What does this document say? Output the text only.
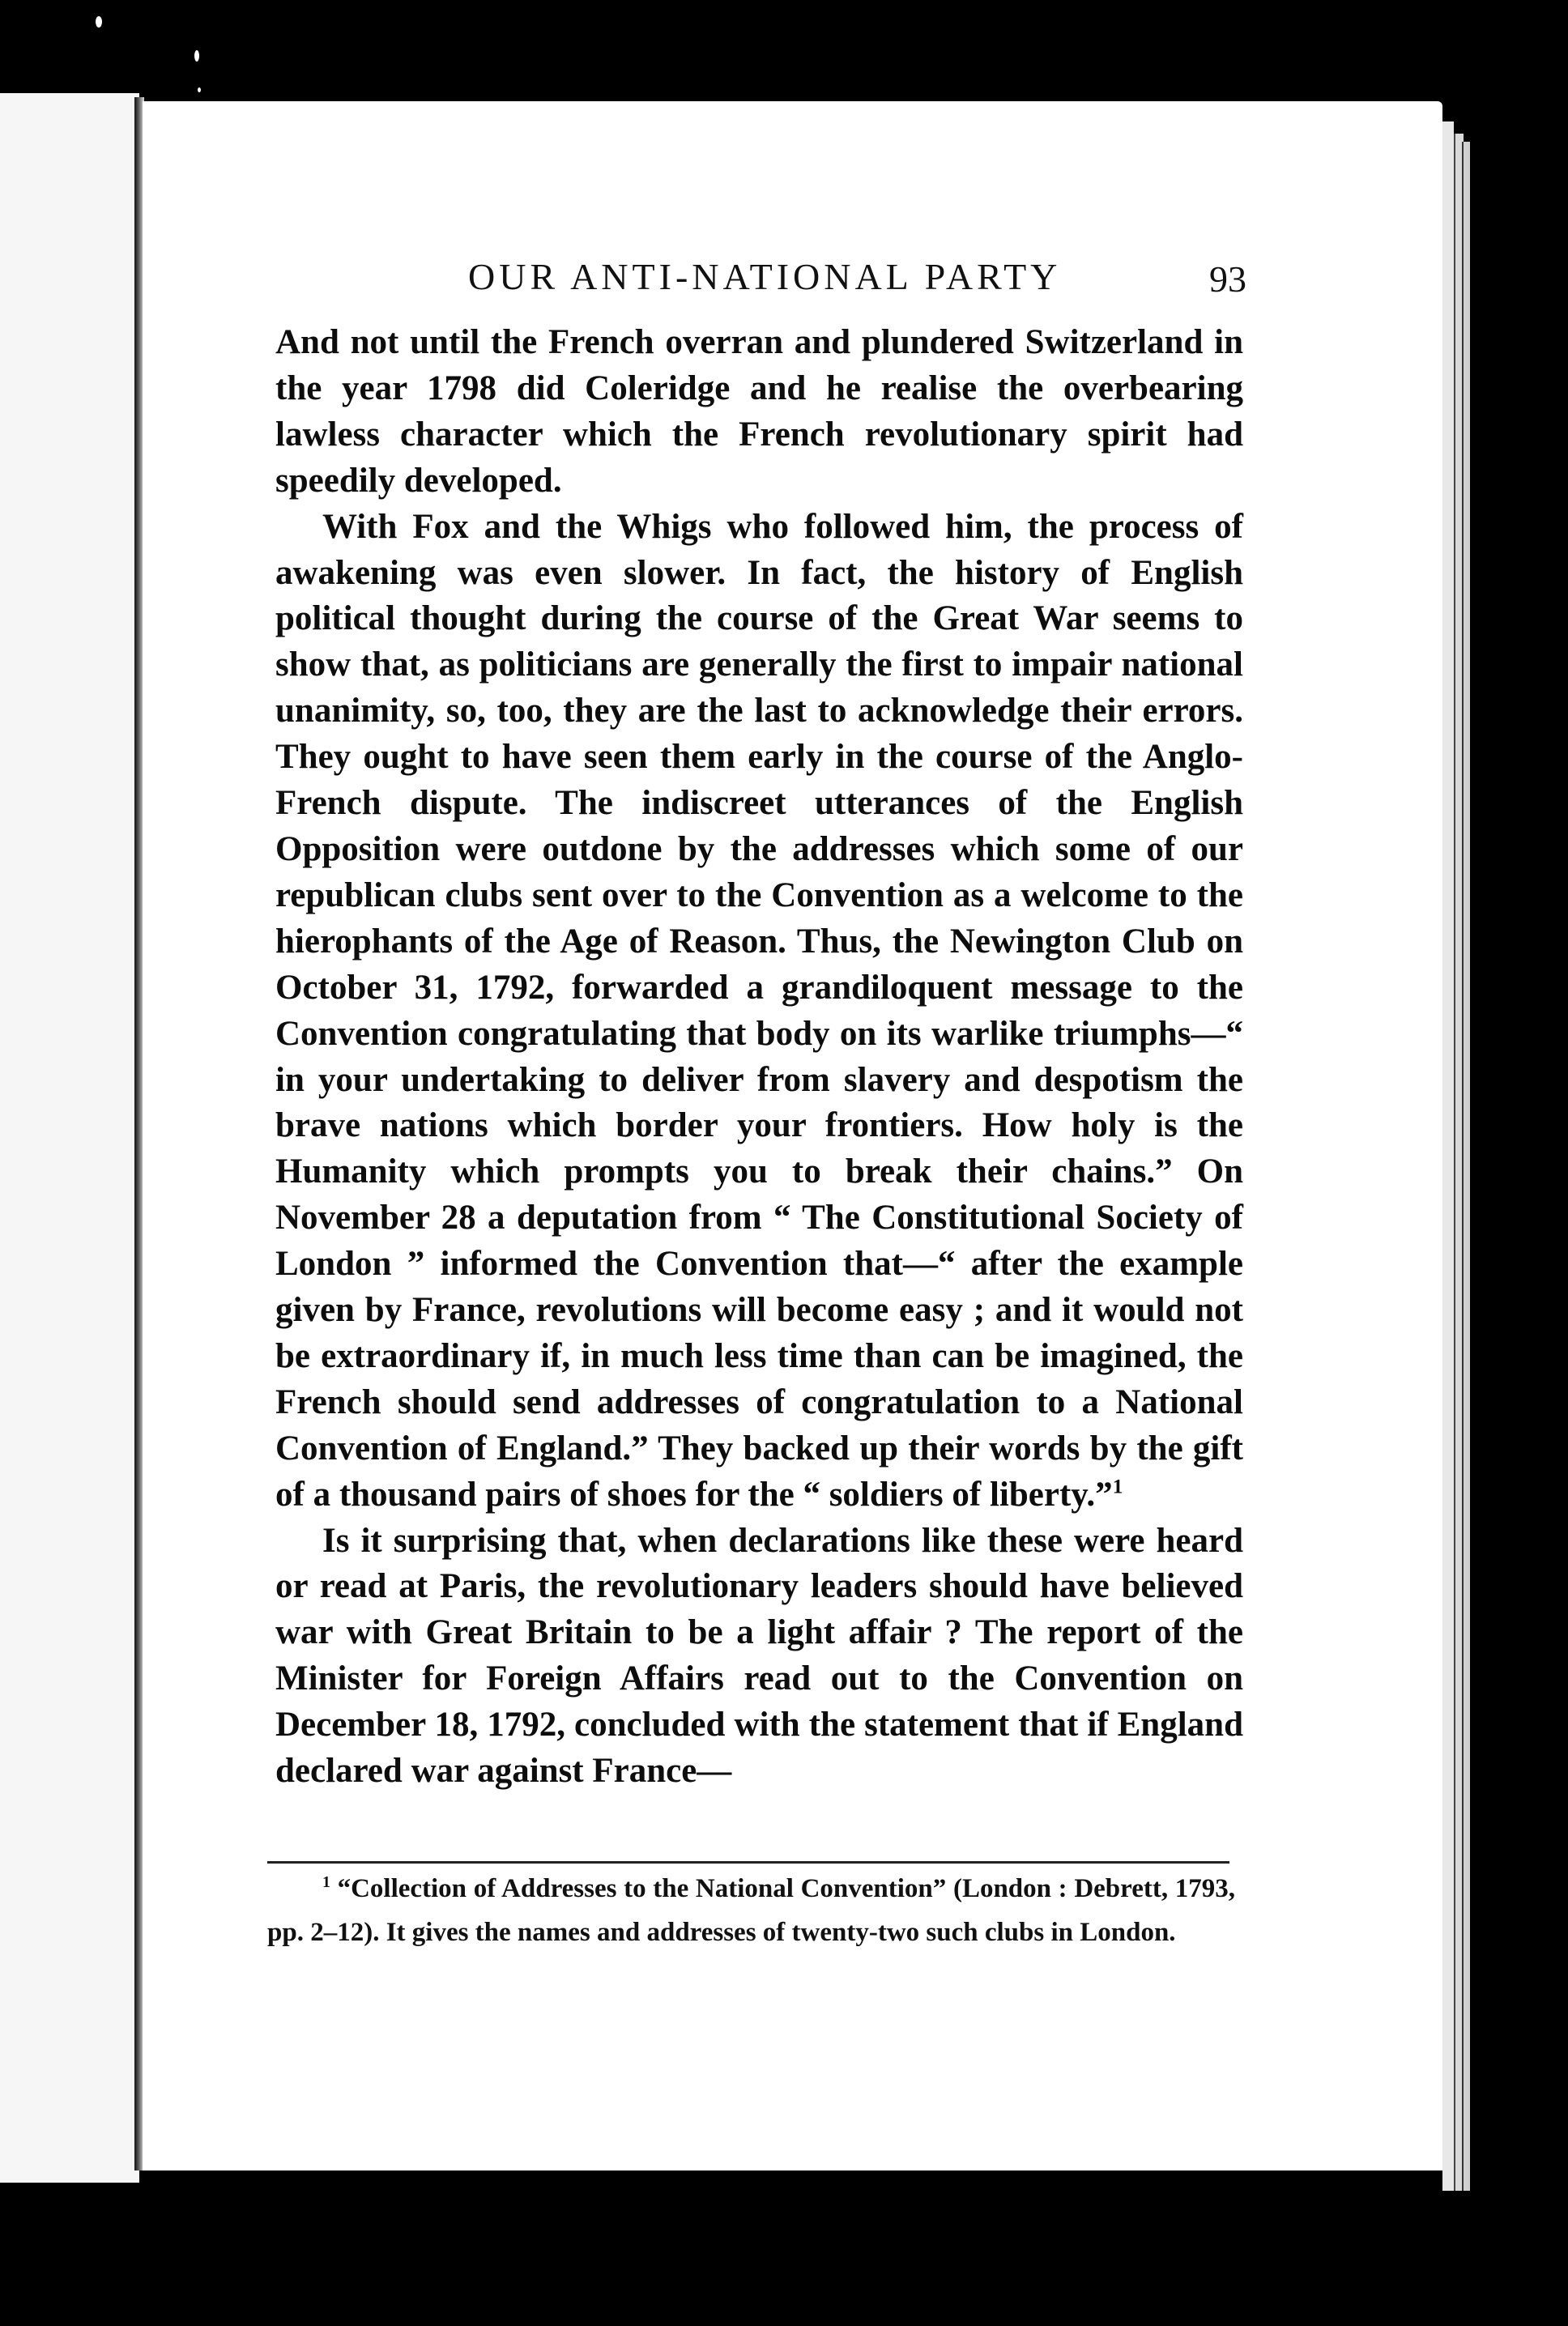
OUR ANTI-NATIONAL PARTY	93

And not until the French overran and plundered Switzerland in the year 1798 did Coleridge and he realise the overbearing lawless character which the French revolutionary spirit had speedily developed.

With Fox and the Whigs who followed him, the process of awakening was even slower. In fact, the history of English political thought during the course of the Great War seems to show that, as politicians are generally the first to impair national unanimity, so, too, they are the last to acknowledge their errors. They ought to have seen them early in the course of the Anglo-French dispute. The indiscreet utterances of the English Opposition were outdone by the addresses which some of our republican clubs sent over to the Convention as a welcome to the hierophants of the Age of Reason. Thus, the Newington Club on October 31, 1792, forwarded a grandiloquent message to the Convention congratulating that body on its warlike triumphs—“ in your undertaking to deliver from slavery and despotism the brave nations which border your frontiers. How holy is the Humanity which prompts you to break their chains.” On November 28 a deputation from “ The Constitutional Society of London ” informed the Convention that—“ after the example given by France, revolutions will become easy ; and it would not be extraordinary if, in much less time than can be imagined, the French should send addresses of congratulation to a National Convention of England.” They backed up their words by the gift of a thousand pairs of shoes for the “ soldiers of liberty.”$^1$

Is it surprising that, when declarations like these were heard or read at Paris, the revolutionary leaders should have believed war with Great Britain to be a light affair ? The report of the Minister for Foreign Affairs read out to the Convention on December 18, 1792, concluded with the statement that if England declared war against France—

$^1$ “Collection of Addresses to the National Convention” (London : Debrett, 1793, pp. 2–12). It gives the names and addresses of twenty-two such clubs in London.
